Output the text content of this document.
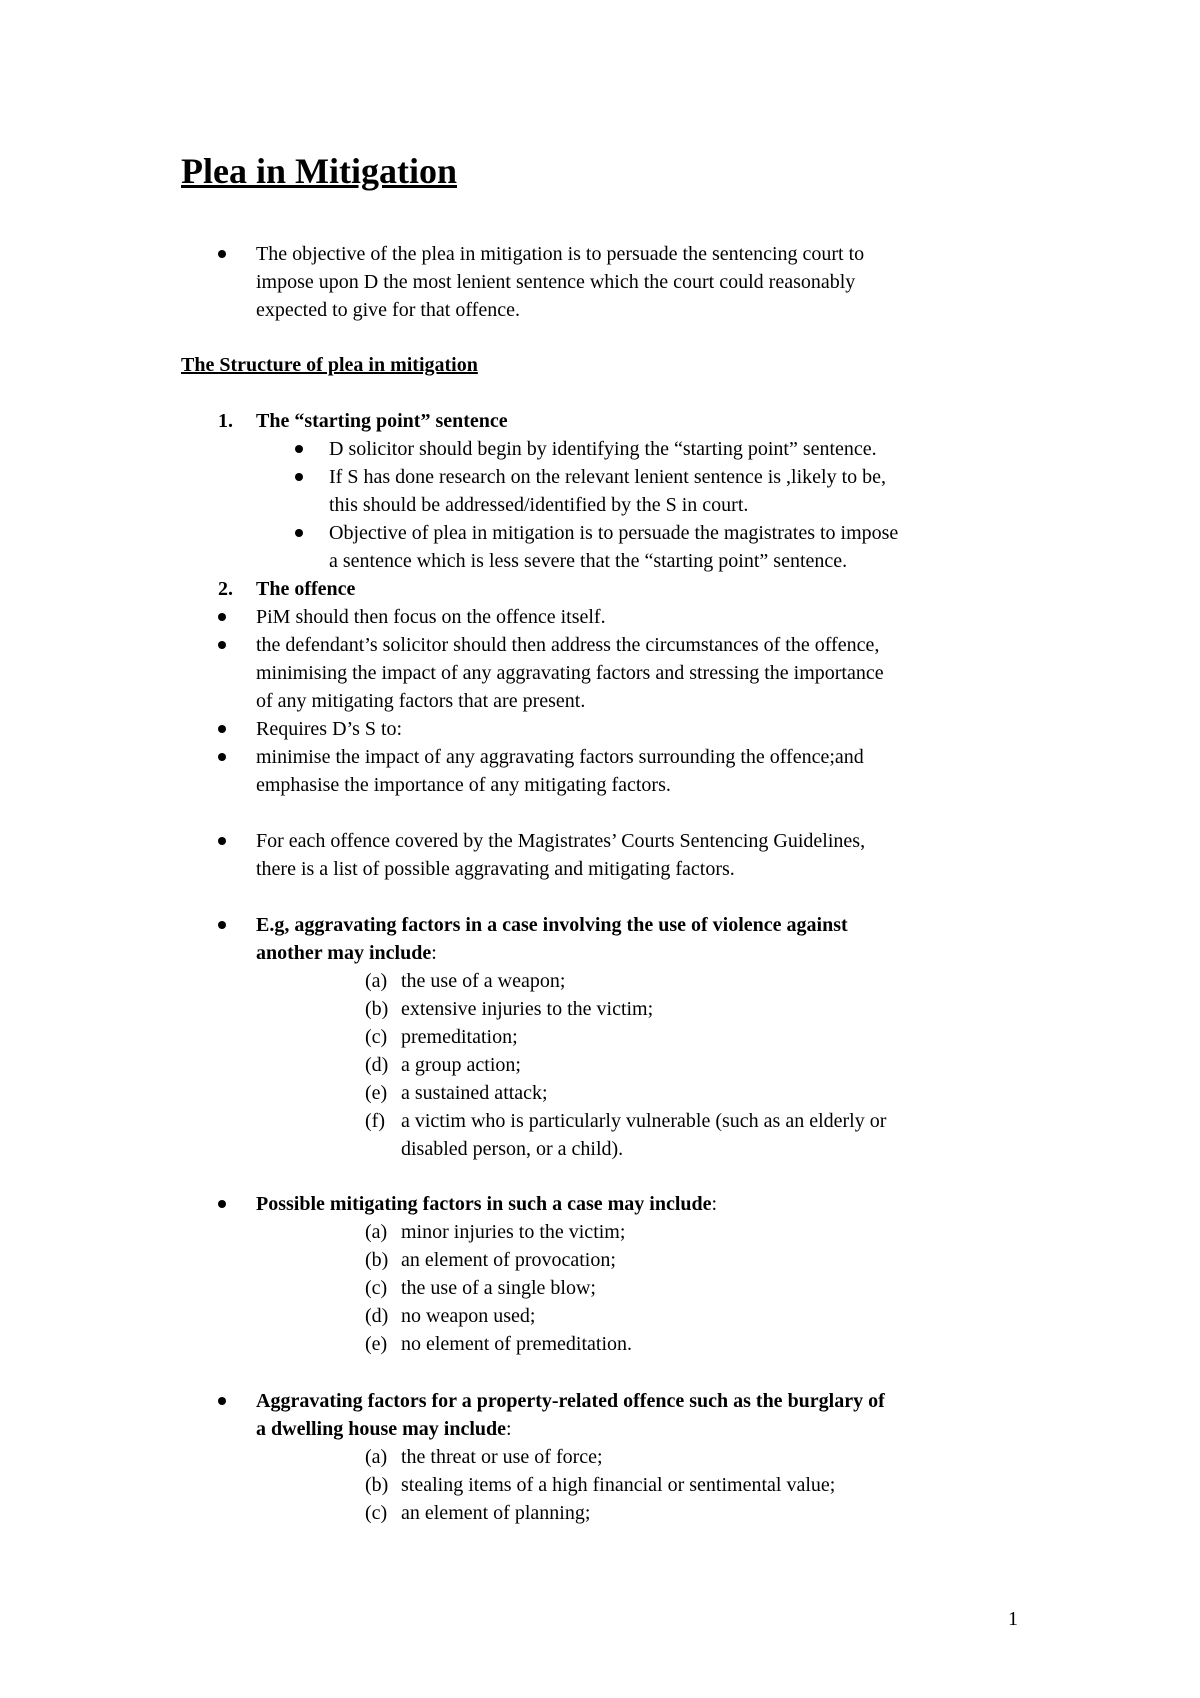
Plea in Mitigation
The objective of the plea in mitigation is to persuade the sentencing court to
impose upon D the most lenient sentence which the court could reasonably
expected to give for that offence.
The Structure of plea in mitigation
1. The “starting point” sentence
D solicitor should begin by identifying the “starting point” sentence.
If S has done research on the relevant lenient sentence is ,likely to be,
this should be addressed/identified by the S in court.
Objective of plea in mitigation is to persuade the magistrates to impose
a sentence which is less severe that the “starting point” sentence.
2. The offence
PiM should then focus on the offence itself.
the defendant’s solicitor should then address the circumstances of the offence,
minimising the impact of any aggravating factors and stressing the importance
of any mitigating factors that are present.
Requires D’s S to:
minimise the impact of any aggravating factors surrounding the offence;and
emphasise the importance of any mitigating factors.
For each offence covered by the Magistrates’ Courts Sentencing Guidelines,
there is a list of possible aggravating and mitigating factors.
E.g, aggravating factors in a case involving the use of violence against
another may include:
(a) the use of a weapon;
(b) extensive injuries to the victim;
(c) premeditation;
(d) a group action;
(e) a sustained attack;
(f) a victim who is particularly vulnerable (such as an elderly or
disabled person, or a child).
Possible mitigating factors in such a case may include:
(a) minor injuries to the victim;
(b) an element of provocation;
(c) the use of a single blow;
(d) no weapon used;
(e) no element of premeditation.
Aggravating factors for a property-related offence such as the burglary of
a dwelling house may include:
(a) the threat or use of force;
(b) stealing items of a high financial or sentimental value;
(c) an element of planning;
1
